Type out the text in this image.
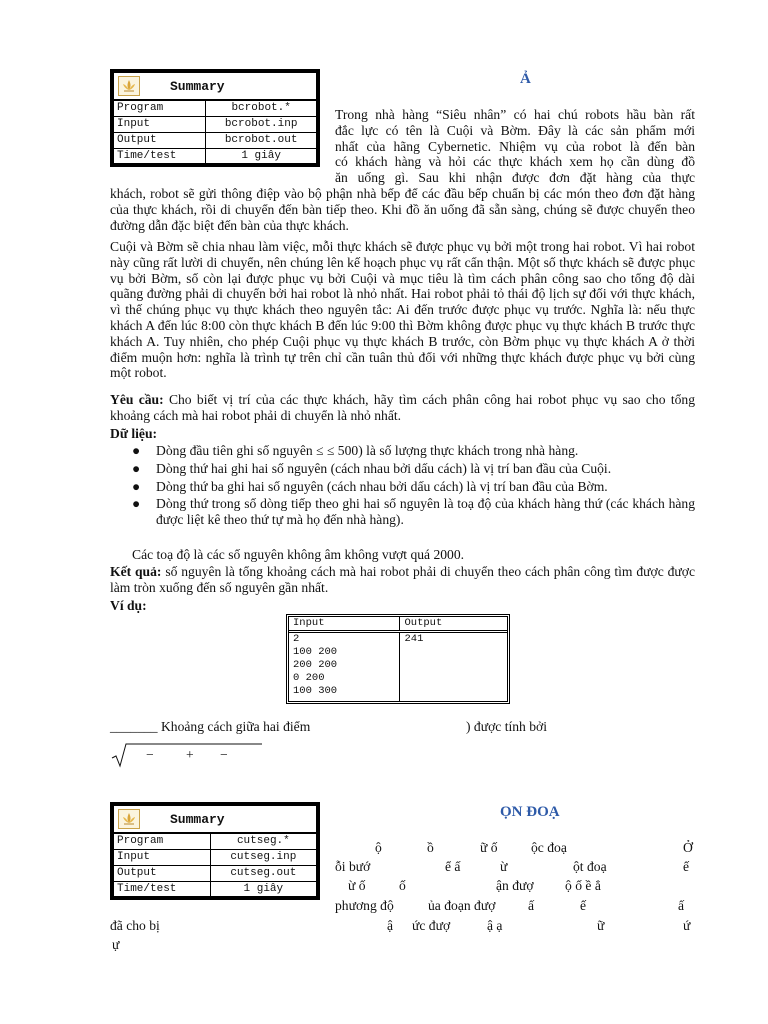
Summary
Program	bcrobot.*
Input	bcrobot.inp
Output	bcrobot.out
Time/test	1 giây
Ả
Trong nhà hàng “Siêu nhân” có hai chú robots hầu bàn rất
đắc lực có tên là Cuội và Bờm. Đây là các sản phẩm mới
nhất của hãng Cybernetic. Nhiệm vụ của robot là đến bàn
có khách hàng và hỏi các thực khách xem họ cần dùng đồ
ăn uống gì. Sau khi nhận được đơn đặt hàng của thực
khách, robot sẽ gửi thông điệp vào bộ phận nhà bếp để các đầu bếp chuẩn bị các món theo đơn đặt hàng của thực khách, rồi di chuyển đến bàn tiếp theo. Khi đồ ăn uống đã sẵn sàng, chúng sẽ được chuyển theo đường dẫn đặc biệt đến bàn của thực khách.
Cuội và Bờm sẽ chia nhau làm việc, mỗi thực khách sẽ được phục vụ bởi một trong hai robot. Vì hai robot này cũng rất lười di chuyển, nên chúng lên kế hoạch phục vụ rất cẩn thận. Một số thực khách sẽ được phục vụ bởi Bờm, số còn lại được phục vụ bởi Cuội và mục tiêu là tìm cách phân công sao cho tổng độ dài quãng đường phải di chuyển bởi hai robot là nhỏ nhất. Hai robot phải tỏ thái độ lịch sự đối với thực khách, vì thế chúng phục vụ thực khách theo nguyên tắc: Ai đến trước được phục vụ trước. Nghĩa là: nếu thực khách A đến lúc 8:00 còn thực khách B đến lúc 9:00 thì Bờm không được phục vụ thực khách B trước thực khách A. Tuy nhiên, cho phép Cuội phục vụ thực khách B trước, còn Bờm phục vụ thực khách A ở thời điểm muộn hơn: nghĩa là trình tự trên chỉ cần tuân thủ đối với những thực khách được phục vụ bởi cùng một robot.
Yêu cầu: Cho biết vị trí của các thực khách, hãy tìm cách phân công hai robot phục vụ sao cho tổng khoảng cách mà hai robot phải di chuyển là nhỏ nhất.
Dữ liệu:
● Dòng đầu tiên ghi số nguyên ≤ ≤ 500) là số lượng thực khách trong nhà hàng.
● Dòng thứ hai ghi hai số nguyên (cách nhau bởi dấu cách) là vị trí ban đầu của Cuội.
● Dòng thứ ba ghi hai số nguyên (cách nhau bởi dấu cách) là vị trí ban đầu của Bờm.
● Dòng thứ trong số dòng tiếp theo ghi hai số nguyên là toạ độ của khách hàng thứ (các khách hàng được liệt kê theo thứ tự mà họ đến nhà hàng).
Các toạ độ là các số nguyên không âm không vượt quá 2000.
Kết quả: số nguyên là tổng khoảng cách mà hai robot phải di chuyển theo cách phân công tìm được được làm tròn xuống đến số nguyên gần nhất.
Ví dụ:
Input	Output
2
100 200
200 200
0 200
100 300
241
_______ Khoảng cách giữa hai điểm	) được tính bởi
− + −
Summary
Program	cutseg.*
Input	cutseg.inp
Output	cutseg.out
Time/test	1 giây
ỌN ĐOẠ
ộ	ồ	ữ ố ộc đoạ	Ở
ỗi bướ	ể ấ	ừ	ột đoạ	ế
ừ ố ố	ận đượ ộ ố ề ẳ
phương độ	ủa đoạn đượ ấ	ế	ấ
đã cho bị	ậ ức đượ	ậ ạ	ữ	ứ
ự
